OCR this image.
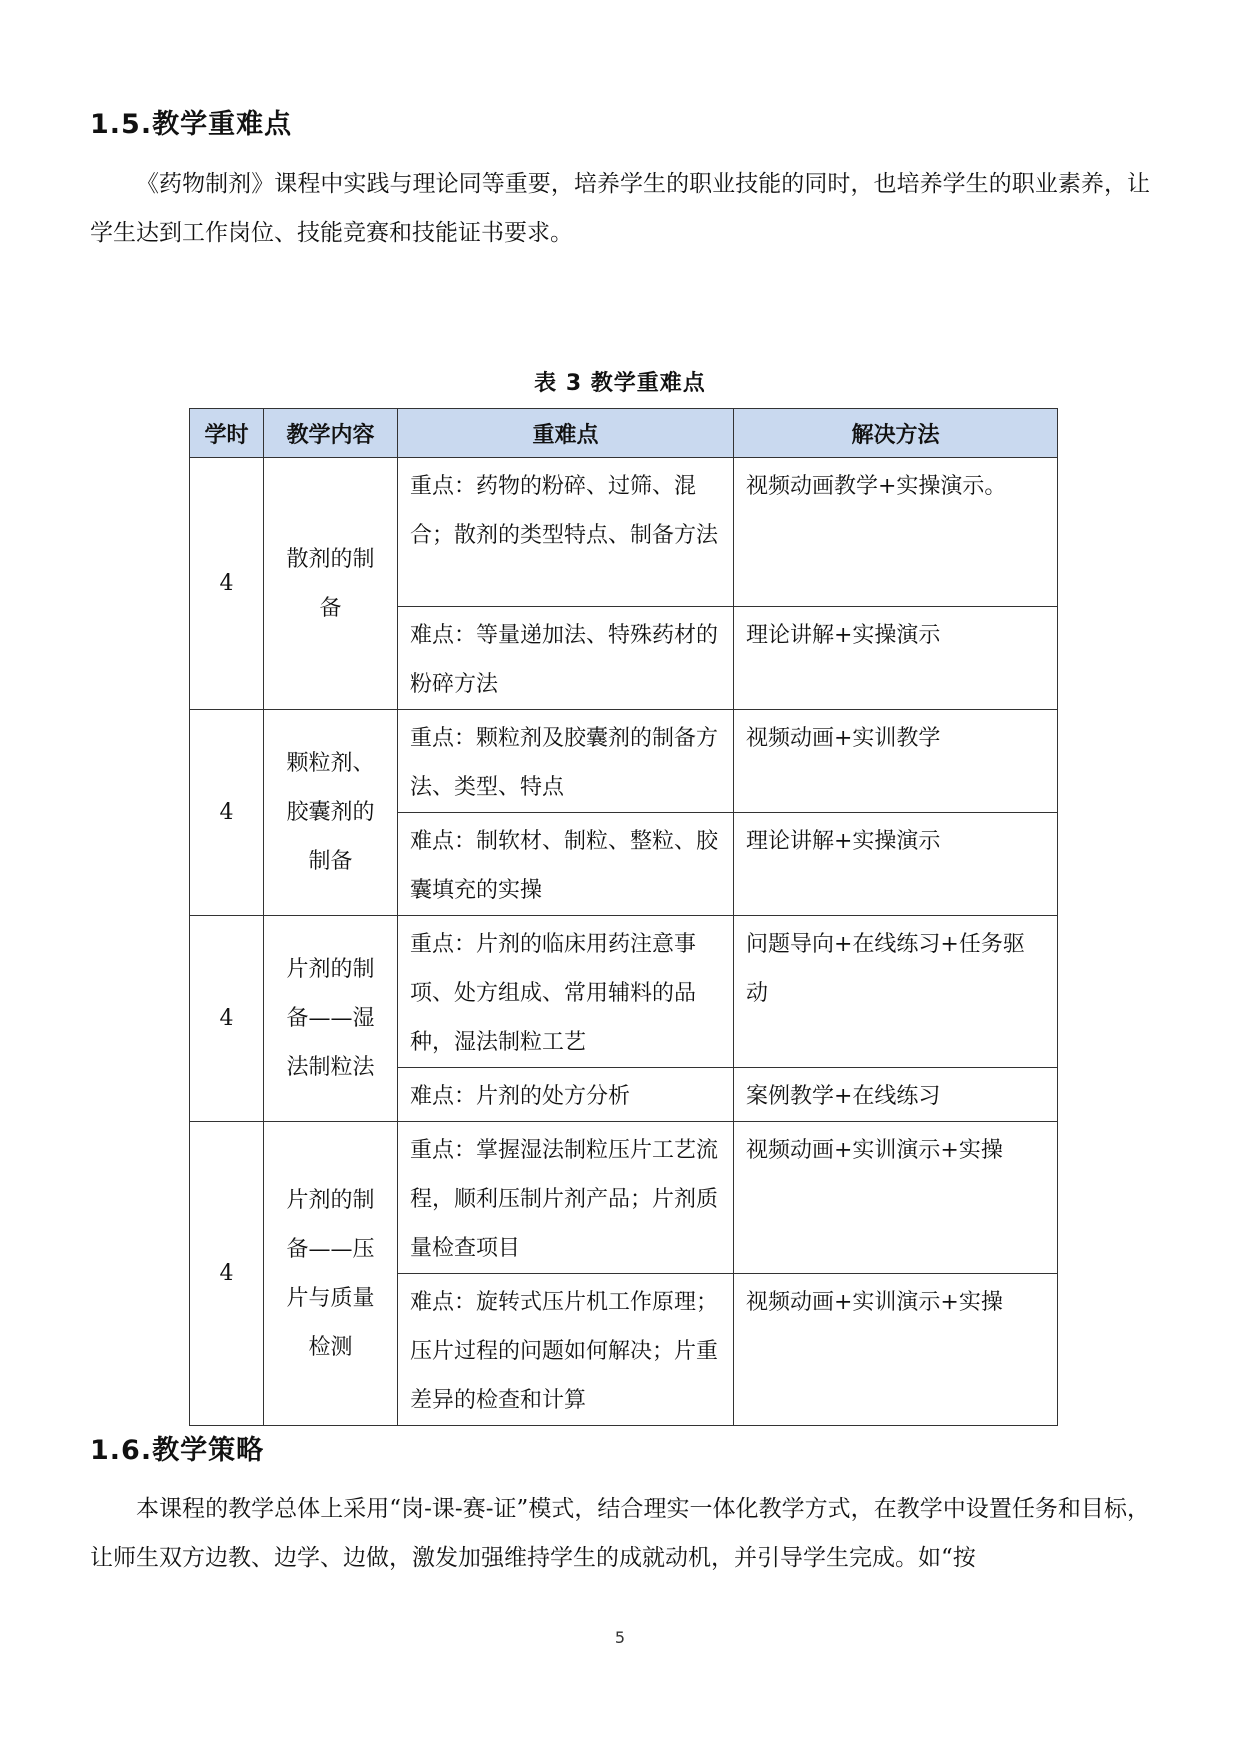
1.5.教学重难点

《药物制剂》课程中实践与理论同等重要，培养学生的职业技能的同时，也培养学生的职业素养，让学生达到工作岗位、技能竞赛和技能证书要求。

表 3 教学重难点
学时	教学内容	重难点	解决方法
4	散剂的制备	重点：药物的粉碎、过筛、混合；散剂的类型特点、制备方法	视频动画教学+实操演示。
		难点：等量递加法、特殊药材的粉碎方法	理论讲解+实操演示
4	颗粒剂、胶囊剂的制备	重点：颗粒剂及胶囊剂的制备方法、类型、特点	视频动画+实训教学
		难点：制软材、制粒、整粒、胶囊填充的实操	理论讲解+实操演示
4	片剂的制备——湿法制粒法	重点：片剂的临床用药注意事项、处方组成、常用辅料的品种，湿法制粒工艺	问题导向+在线练习+任务驱动
		难点：片剂的处方分析	案例教学+在线练习
4	片剂的制备——压片与质量检测	重点：掌握湿法制粒压片工艺流程，顺利压制片剂产品；片剂质量检查项目	视频动画+实训演示+实操
		难点：旋转式压片机工作原理；压片过程的问题如何解决；片重差异的检查和计算	视频动画+实训演示+实操
1.6.教学策略

本课程的教学总体上采用“岗-课-赛-证”模式，结合理实一体化教学方式，在教学中设置任务和目标，让师生双方边教、边学、边做，激发加强维持学生的成就动机，并引导学生完成。如“按

5
